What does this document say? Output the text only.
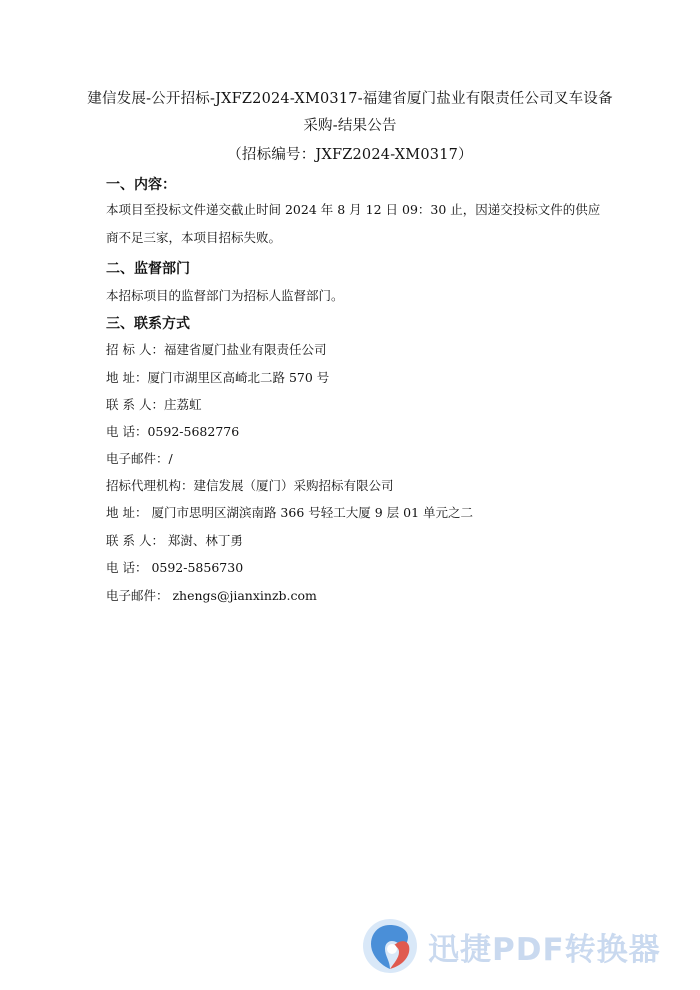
建信发展-公开招标-JXFZ2024-XM0317-福建省厦门盐业有限责任公司叉车设备
采购-结果公告
（招标编号：JXFZ2024-XM0317）
一、内容：
本项目至投标文件递交截止时间 2024 年 8 月 12 日 09：30 止，因递交投标文件的供应商不足三家，本项目招标失败。
二、监督部门
本招标项目的监督部门为招标人监督部门。
三、联系方式
招 标 人：福建省厦门盐业有限责任公司
地 址：厦门市湖里区高崎北二路 570 号
联 系 人：庄荔虹
电 话：0592-5682776
电子邮件：/
招标代理机构：建信发展（厦门）采购招标有限公司
地 址： 厦门市思明区湖滨南路 366 号轻工大厦 9 层 01 单元之二
联 系 人： 郑澍、林丁勇
电 话： 0592-5856730
电子邮件： zhengs@jianxinzb.com
迅捷PDF转换器
